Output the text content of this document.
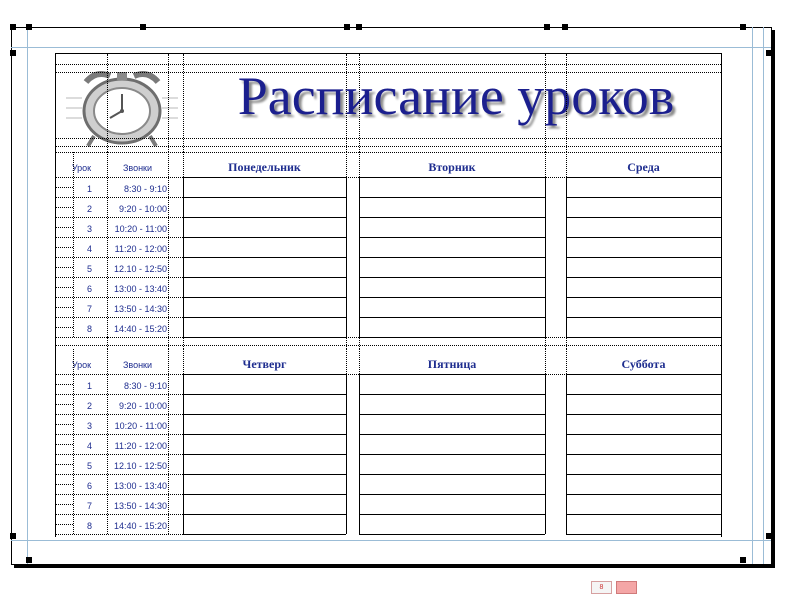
Расписание уроков
Урок	Звонки	Понедельник	Вторник	Среда
1	8:30 - 9:10
2	9:20 - 10:00
3	10:20 - 11:00
4	11:20 - 12:00
5	12.10 - 12:50
6	13:00 - 13:40
7	13:50 - 14:30
8	14:40 - 15:20
Урок	Звонки	Четверг	Пятница	Суббота
1	8:30 - 9:10
2	9:20 - 10:00
3	10:20 - 11:00
4	11:20 - 12:00
5	12.10 - 12:50
6	13:00 - 13:40
7	13:50 - 14:30
8	14:40 - 15:20
8
